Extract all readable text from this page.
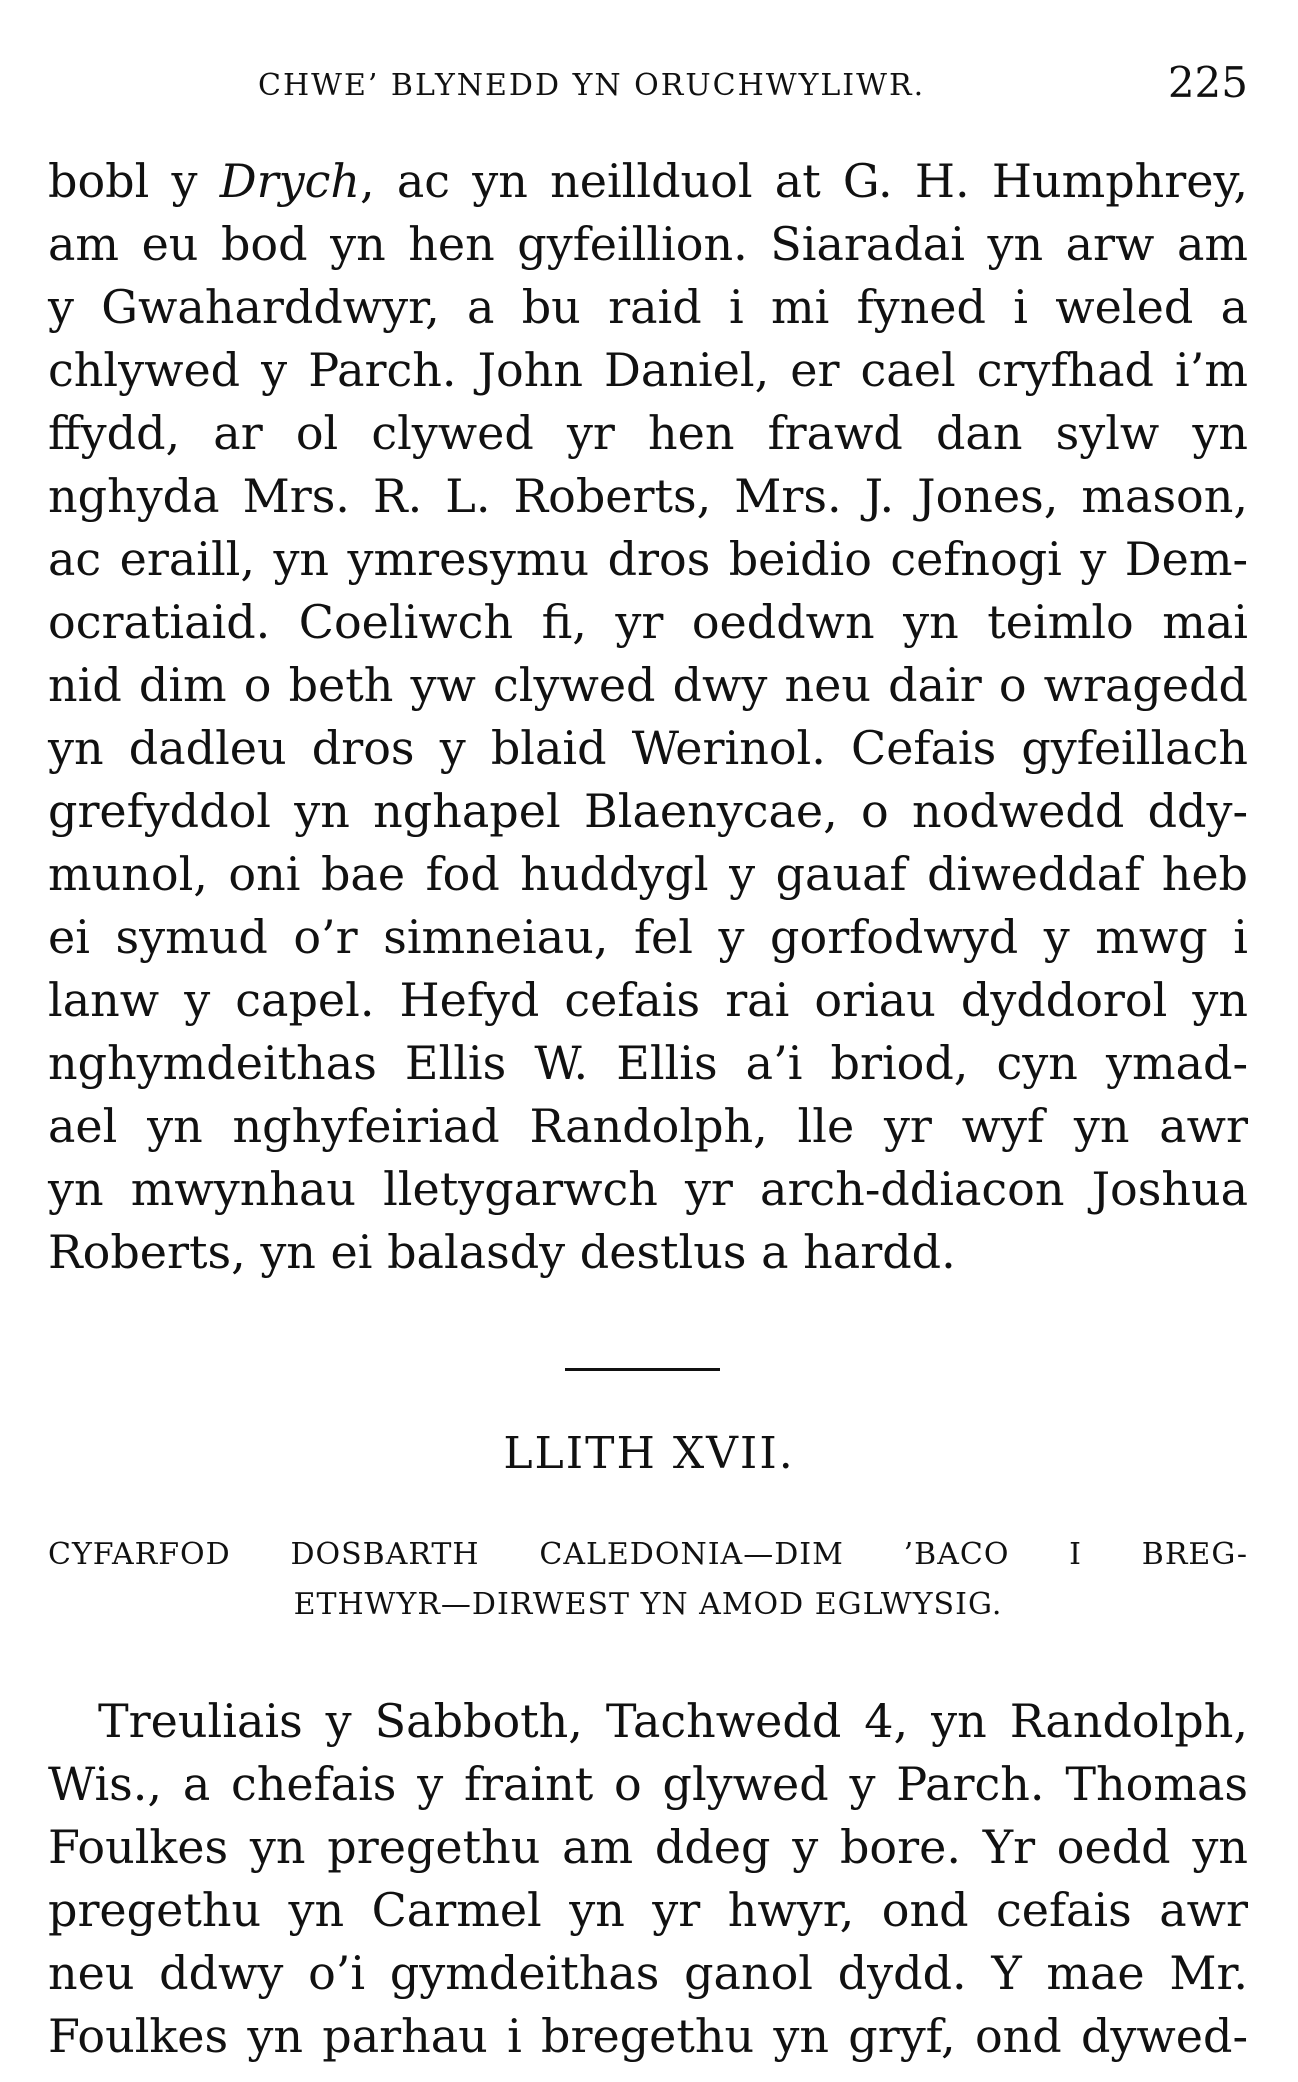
CHWE’ BLYNEDD YN ORUCHWYLIWR.	225
bobl y Drych, ac yn neillduol at G. H. Humphrey,
am eu bod yn hen gyfeillion. Siaradai yn arw am
y Gwaharddwyr, a bu raid i mi fyned i weled a
chlywed y Parch. John Daniel, er cael cryfhad i’m
ffydd, ar ol clywed yr hen frawd dan sylw yn
nghyda Mrs. R. L. Roberts, Mrs. J. Jones, mason,
ac eraill, yn ymresymu dros beidio cefnogi y Dem-
ocratiaid. Coeliwch fi, yr oeddwn yn teimlo mai
nid dim o beth yw clywed dwy neu dair o wragedd
yn dadleu dros y blaid Werinol. Cefais gyfeillach
grefyddol yn nghapel Blaenycae, o nodwedd ddy-
munol, oni bae fod huddygl y gauaf diweddaf heb
ei symud o’r simneiau, fel y gorfodwyd y mwg i
lanw y capel. Hefyd cefais rai oriau dyddorol yn
nghymdeithas Ellis W. Ellis a’i briod, cyn ymad-
ael yn nghyfeiriad Randolph, lle yr wyf yn awr
yn mwynhau lletygarwch yr arch-ddiacon Joshua
Roberts, yn ei balasdy destlus a hardd.
LLITH XVII.
CYFARFOD DOSBARTH CALEDONIA—DIM ’BACO I BREG-
ETHWYR—DIRWEST YN AMOD EGLWYSIG.
Treuliais y Sabboth, Tachwedd 4, yn Randolph,
Wis., a chefais y fraint o glywed y Parch. Thomas
Foulkes yn pregethu am ddeg y bore. Yr oedd yn
pregethu yn Carmel yn yr hwyr, ond cefais awr
neu ddwy o’i gymdeithas ganol dydd. Y mae Mr.
Foulkes yn parhau i bregethu yn gryf, ond dywed-
